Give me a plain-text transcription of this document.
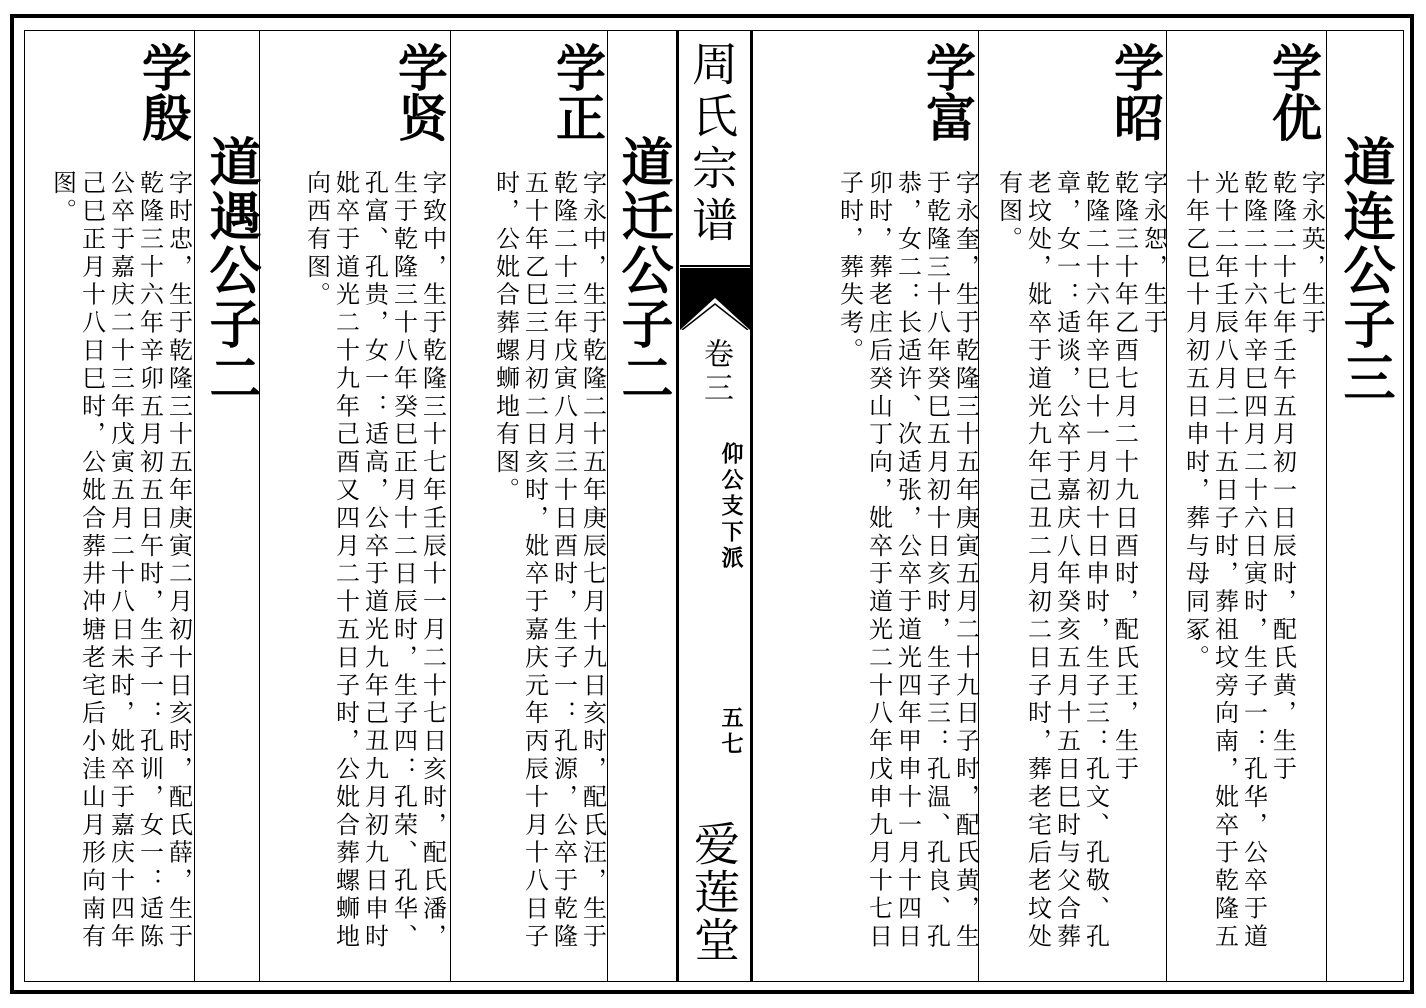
周氏宗谱
卷三
仰公支下派
五七
爱莲堂
道连公子三
学优
字永英，生于
乾隆二十七年壬午五月初一日辰时，配氏黄，生于
乾隆二十六年辛巳四月二十六日寅时，生子一：孔华，公卒于道
光十二年壬辰八月二十五日子时，葬祖坟旁向南，妣卒于乾隆五
十年乙巳十月初五日申时，葬与母同冢。
学昭
字永恕，生于
乾隆三十年乙酉七月二十九日酉时，配氏王，生于
乾隆二十六年辛巳十一月初十日申时，生子三：孔文、孔敬、孔
章，女一：适谈，公卒于嘉庆八年癸亥五月十五日巳时与父合葬
老坟处，妣卒于道光九年己丑二月初二日子时，葬老宅后老坟处
有图。
学富
字永奎，生于乾隆三十五年庚寅五月二十九日子时，配氏黄，生
于乾隆三十八年癸巳五月初十日亥时，生子三：孔温、孔良、孔
恭，女二：长适许、次适张，公卒于道光四年甲申十一月十四日
卯时，葬老庄后癸山丁向，妣卒于道光二十八年戊申九月十七日
子时，葬失考。
道迁公子二
学正
字永中，生于乾隆二十五年庚辰七月十九日亥时，配氏汪，生于
乾隆二十三年戊寅八月三十日酉时，生子一：孔源，公卒于乾隆
五十年乙巳三月初二日亥时，妣卒于嘉庆元年丙辰十月十八日子
时，公妣合葬螺蛳地有图。
学贤
字致中，生于乾隆三十七年壬辰十一月二十七日亥时，配氏潘，
生于乾隆三十八年癸巳正月十二日辰时，生子四：孔荣、孔华、
孔富、孔贵，女一：适高，公卒于道光九年己丑九月初九日申时
妣卒于道光二十九年己酉又四月二十五日子时，公妣合葬螺蛳地
向西有图。
道遇公子二
学殷
字时忠，生于乾隆三十五年庚寅二月初十日亥时，配氏薛，生于
乾隆三十六年辛卯五月初五日午时，生子一：孔训，女一：适陈
公卒于嘉庆二十三年戊寅五月二十八日未时，妣卒于嘉庆十四年
己巳正月十八日巳时，公妣合葬井冲塘老宅后小洼山月形向南有
图。
